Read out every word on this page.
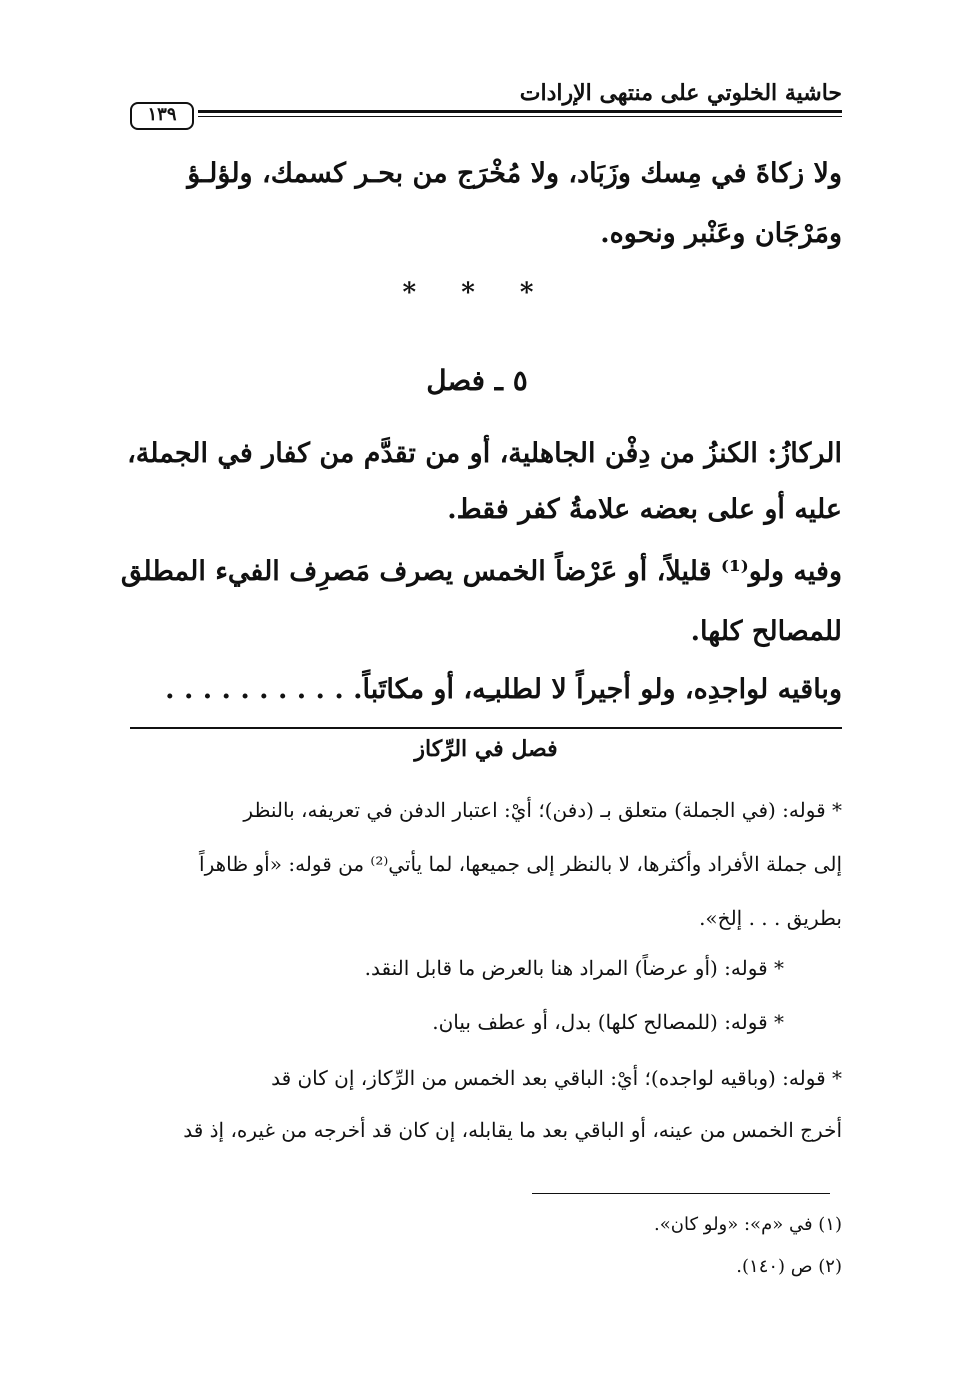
حاشية الخلوتي على منتهى الإرادات
١٣٩
ولا زكاةَ في مِسك وزَبَاد، ولا مُخْرَج من بحـر كسمك، ولؤلـؤ
ومَرْجَان وعَنْبر ونحوه.
* * *
٥ ـ فصل
الركازُ: الكنزُ من دِفْن الجاهلية، أو من تقدَّم من كفار في الجملة،
عليه أو على بعضه علامةُ كفر فقط.
وفيه ولو⁽¹⁾ قليلاً، أو عَرْضاً الخمس يصرف مَصرِف الفيء المطلق
للمصالح كلها.
وباقيه لواجدِه، ولو أجيراً لا لطلبـِه، أو مكاتَباً. . . . . . . . . . .
فصل في الرِّكاز
* قوله: (في الجملة) متعلق بـ (دفن)؛ أيْ: اعتبار الدفن في تعريفه، بالنظر
إلى جملة الأفراد وأكثرها، لا بالنظر إلى جميعها، لما يأتي⁽²⁾ من قوله: «أو ظاهراً
بطريق . . . إلخ».
* قوله: (أو عرضاً) المراد هنا بالعرض ما قابل النقد.
* قوله: (للمصالح كلها) بدل، أو عطف بيان.
* قوله: (وباقيه لواجده)؛ أيْ: الباقي بعد الخمس من الرِّكاز، إن كان قد
أخرج الخمس من عينه، أو الباقي بعد ما يقابله، إن كان قد أخرجه من غيره، إذ قد
(١) في «م»: «ولو كان».
(٢) ص (١٤٠).
